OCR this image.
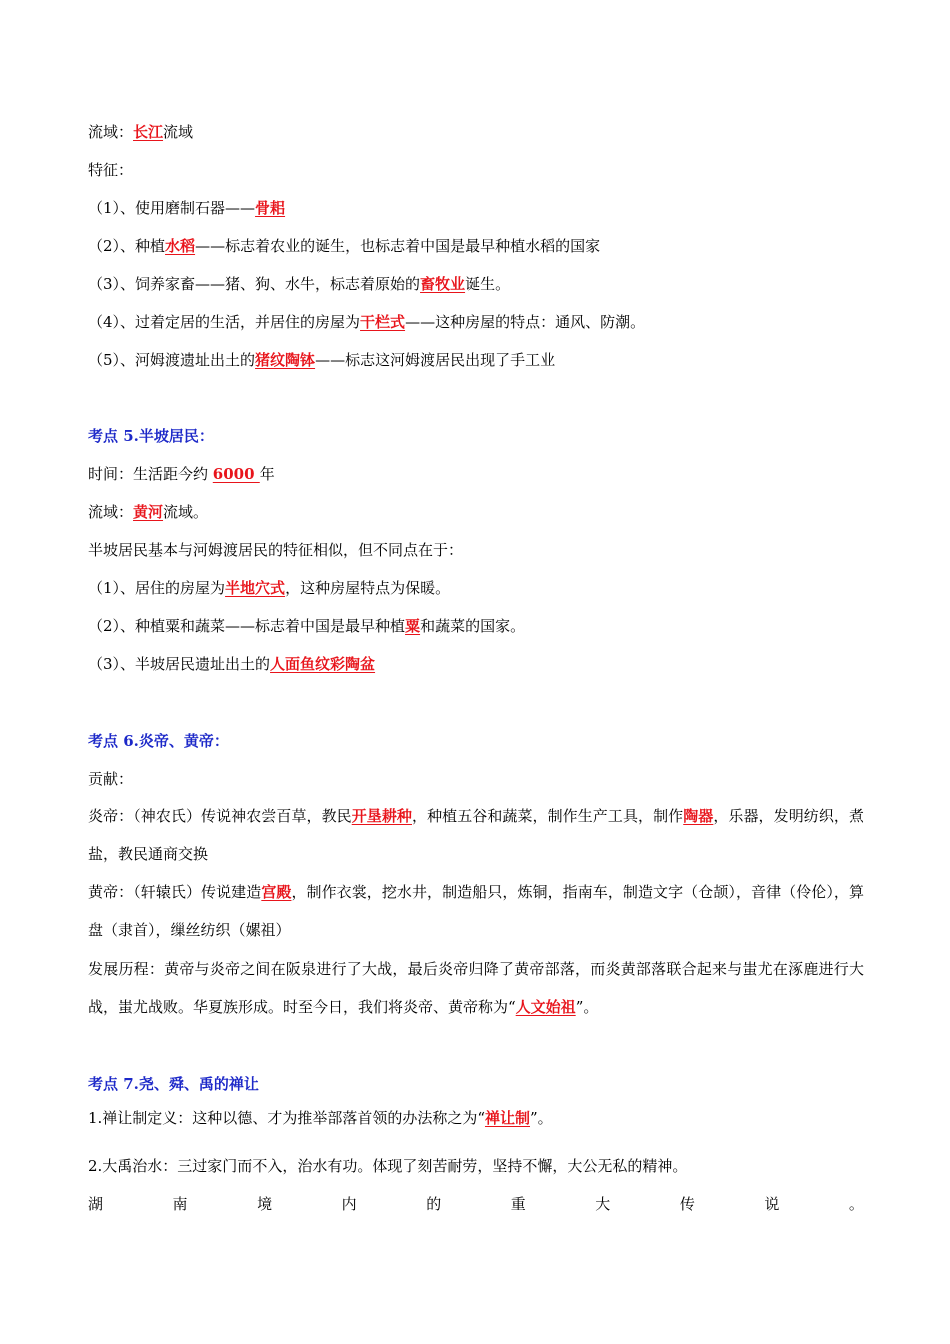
流域：长江流域
特征：
（1）、使用磨制石器——骨耜
（2）、种植水稻——标志着农业的诞生，也标志着中国是最早种植水稻的国家
（3）、饲养家畜——猪、狗、水牛，标志着原始的畜牧业诞生。
（4）、过着定居的生活，并居住的房屋为干栏式——这种房屋的特点：通风、防潮。
（5）、河姆渡遗址出土的猪纹陶钵——标志这河姆渡居民出现了手工业
考点 5.半坡居民：
时间：生活距今约 6000 年
流域：黄河流域。
半坡居民基本与河姆渡居民的特征相似，但不同点在于：
（1）、居住的房屋为半地穴式，这种房屋特点为保暖。
（2）、种植粟和蔬菜——标志着中国是最早种植粟和蔬菜的国家。
（3）、半坡居民遗址出土的人面鱼纹彩陶盆
考点 6.炎帝、黄帝：
贡献：
炎帝：（神农氏）传说神农尝百草，教民开垦耕种，种植五谷和蔬菜，制作生产工具，制作陶器，乐器，发明纺织，煮盐，教民通商交换
黄帝：（轩辕氏）传说建造宫殿，制作衣裳，挖水井，制造船只，炼铜，指南车，制造文字（仓颉），音律（伶伦），算盘（隶首），缫丝纺织（嫘祖）
发展历程：黄帝与炎帝之间在阪泉进行了大战，最后炎帝归降了黄帝部落，而炎黄部落联合起来与蚩尤在涿鹿进行大战，蚩尤战败。华夏族形成。时至今日，我们将炎帝、黄帝称为“人文始祖”。
考点 7.尧、舜、禹的禅让
1.禅让制定义：这种以德、才为推举部落首领的办法称之为“禅让制”。
2.大禹治水：三过家门而不入，治水有功。体现了刻苦耐劳，坚持不懈，大公无私的精神。
湖	南	境	内	的	重	大	传	说	。
